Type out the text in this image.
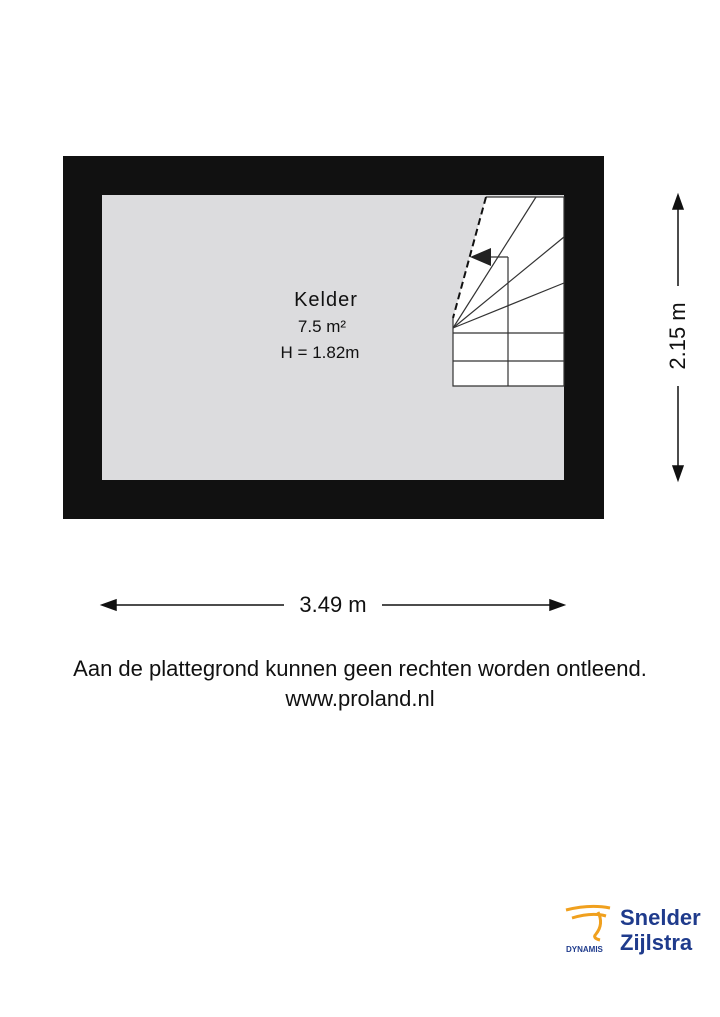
Kelder
7.5 m²
H = 1.82m
3.49 m
2.15 m
Aan de plattegrond kunnen geen rechten worden ontleend.
www.proland.nl
Snelder
Zijlstra
DYNAMIS
